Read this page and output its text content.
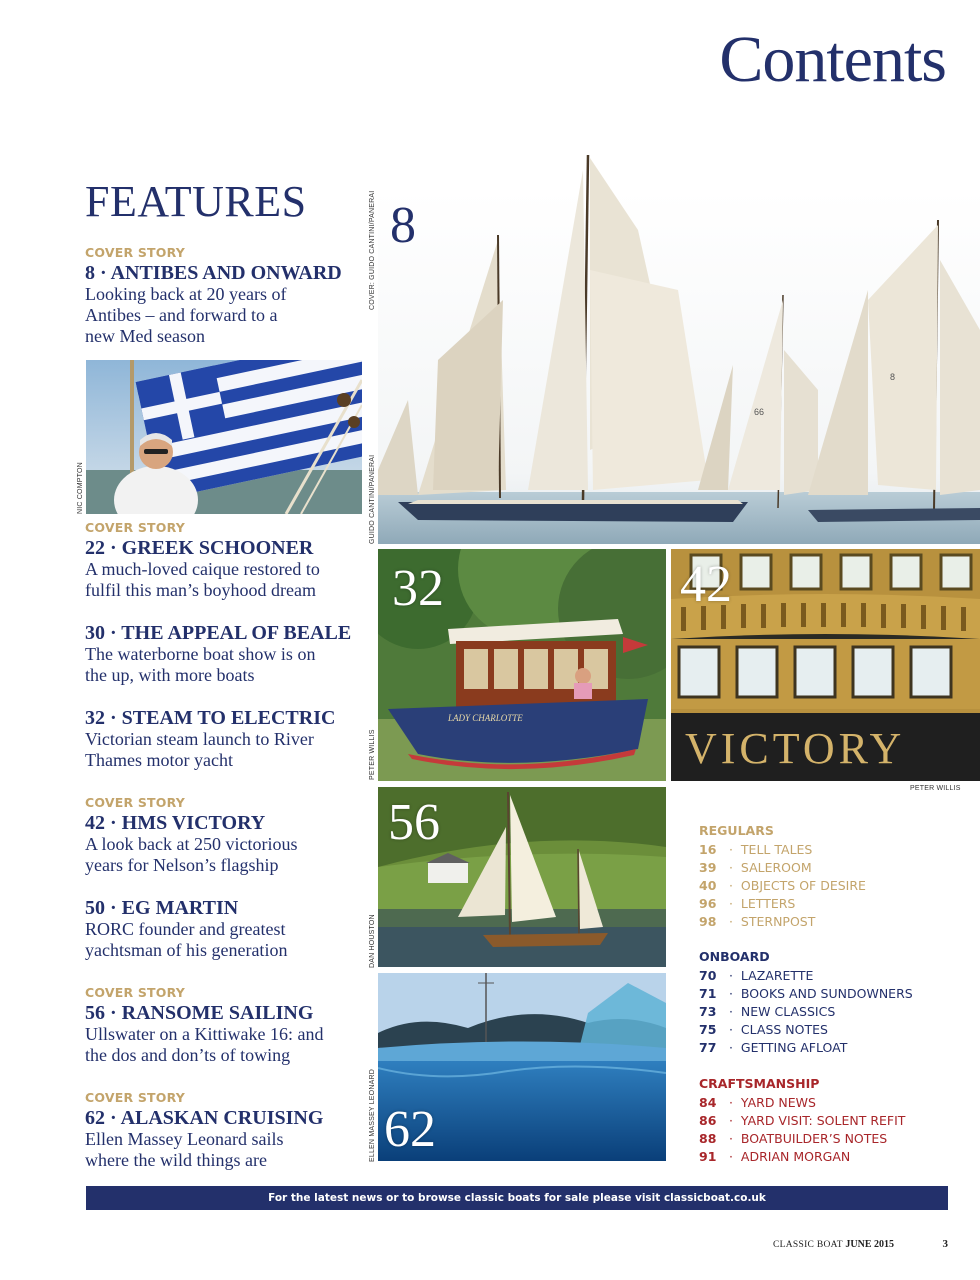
Contents
FEATURES
COVER STORY
8 · ANTIBES AND ONWARD
Looking back at 20 years of
Antibes – and forward to a
new Med season
NIC COMPTON
COVER STORY
22 · GREEK SCHOONER
A much-loved caique restored to
fulfil this man’s boyhood dream
30 · THE APPEAL OF BEALE
The waterborne boat show is on
the up, with more boats
32 · STEAM TO ELECTRIC
Victorian steam launch to River
Thames motor yacht
COVER STORY
42 · HMS VICTORY
A look back at 250 victorious
years for Nelson’s flagship
50 · EG MARTIN
RORC founder and greatest
yachtsman of his generation
COVER STORY
56 · RANSOME SAILING
Ullswater on a Kittiwake 16: and
the dos and don’ts of towing
COVER STORY
62 · ALASKAN CRUISING
Ellen Massey Leonard sails
where the wild things are
66
8
8
COVER: GUIDO CANTINI/PANERAI
GUIDO CANTINI/PANERAI
LADY CHARLOTTE
32
PETER WILLIS	VICTORY
42
PETER WILLIS
56
DAN HOUSTON
62
ELLEN MASSEY LEONARD
REGULARS
16 ·  TELL TALES
39 ·  SALEROOM
40 ·  OBJECTS OF DESIRE
96 ·  LETTERS
98 ·  STERNPOST
ONBOARD
70 ·  LAZARETTE
71 ·  BOOKS AND SUNDOWNERS
73 ·  NEW CLASSICS
75 ·  CLASS NOTES
77 ·  GETTING AFLOAT
CRAFTSMANSHIP
84 ·  YARD NEWS
86 ·  YARD VISIT: SOLENT REFIT
88 ·  BOATBUILDER’S NOTES
91 ·  ADRIAN MORGAN
For the latest news or to browse classic boats for sale please visit classicboat.co.uk
CLASSIC BOAT JUNE 2015	3
